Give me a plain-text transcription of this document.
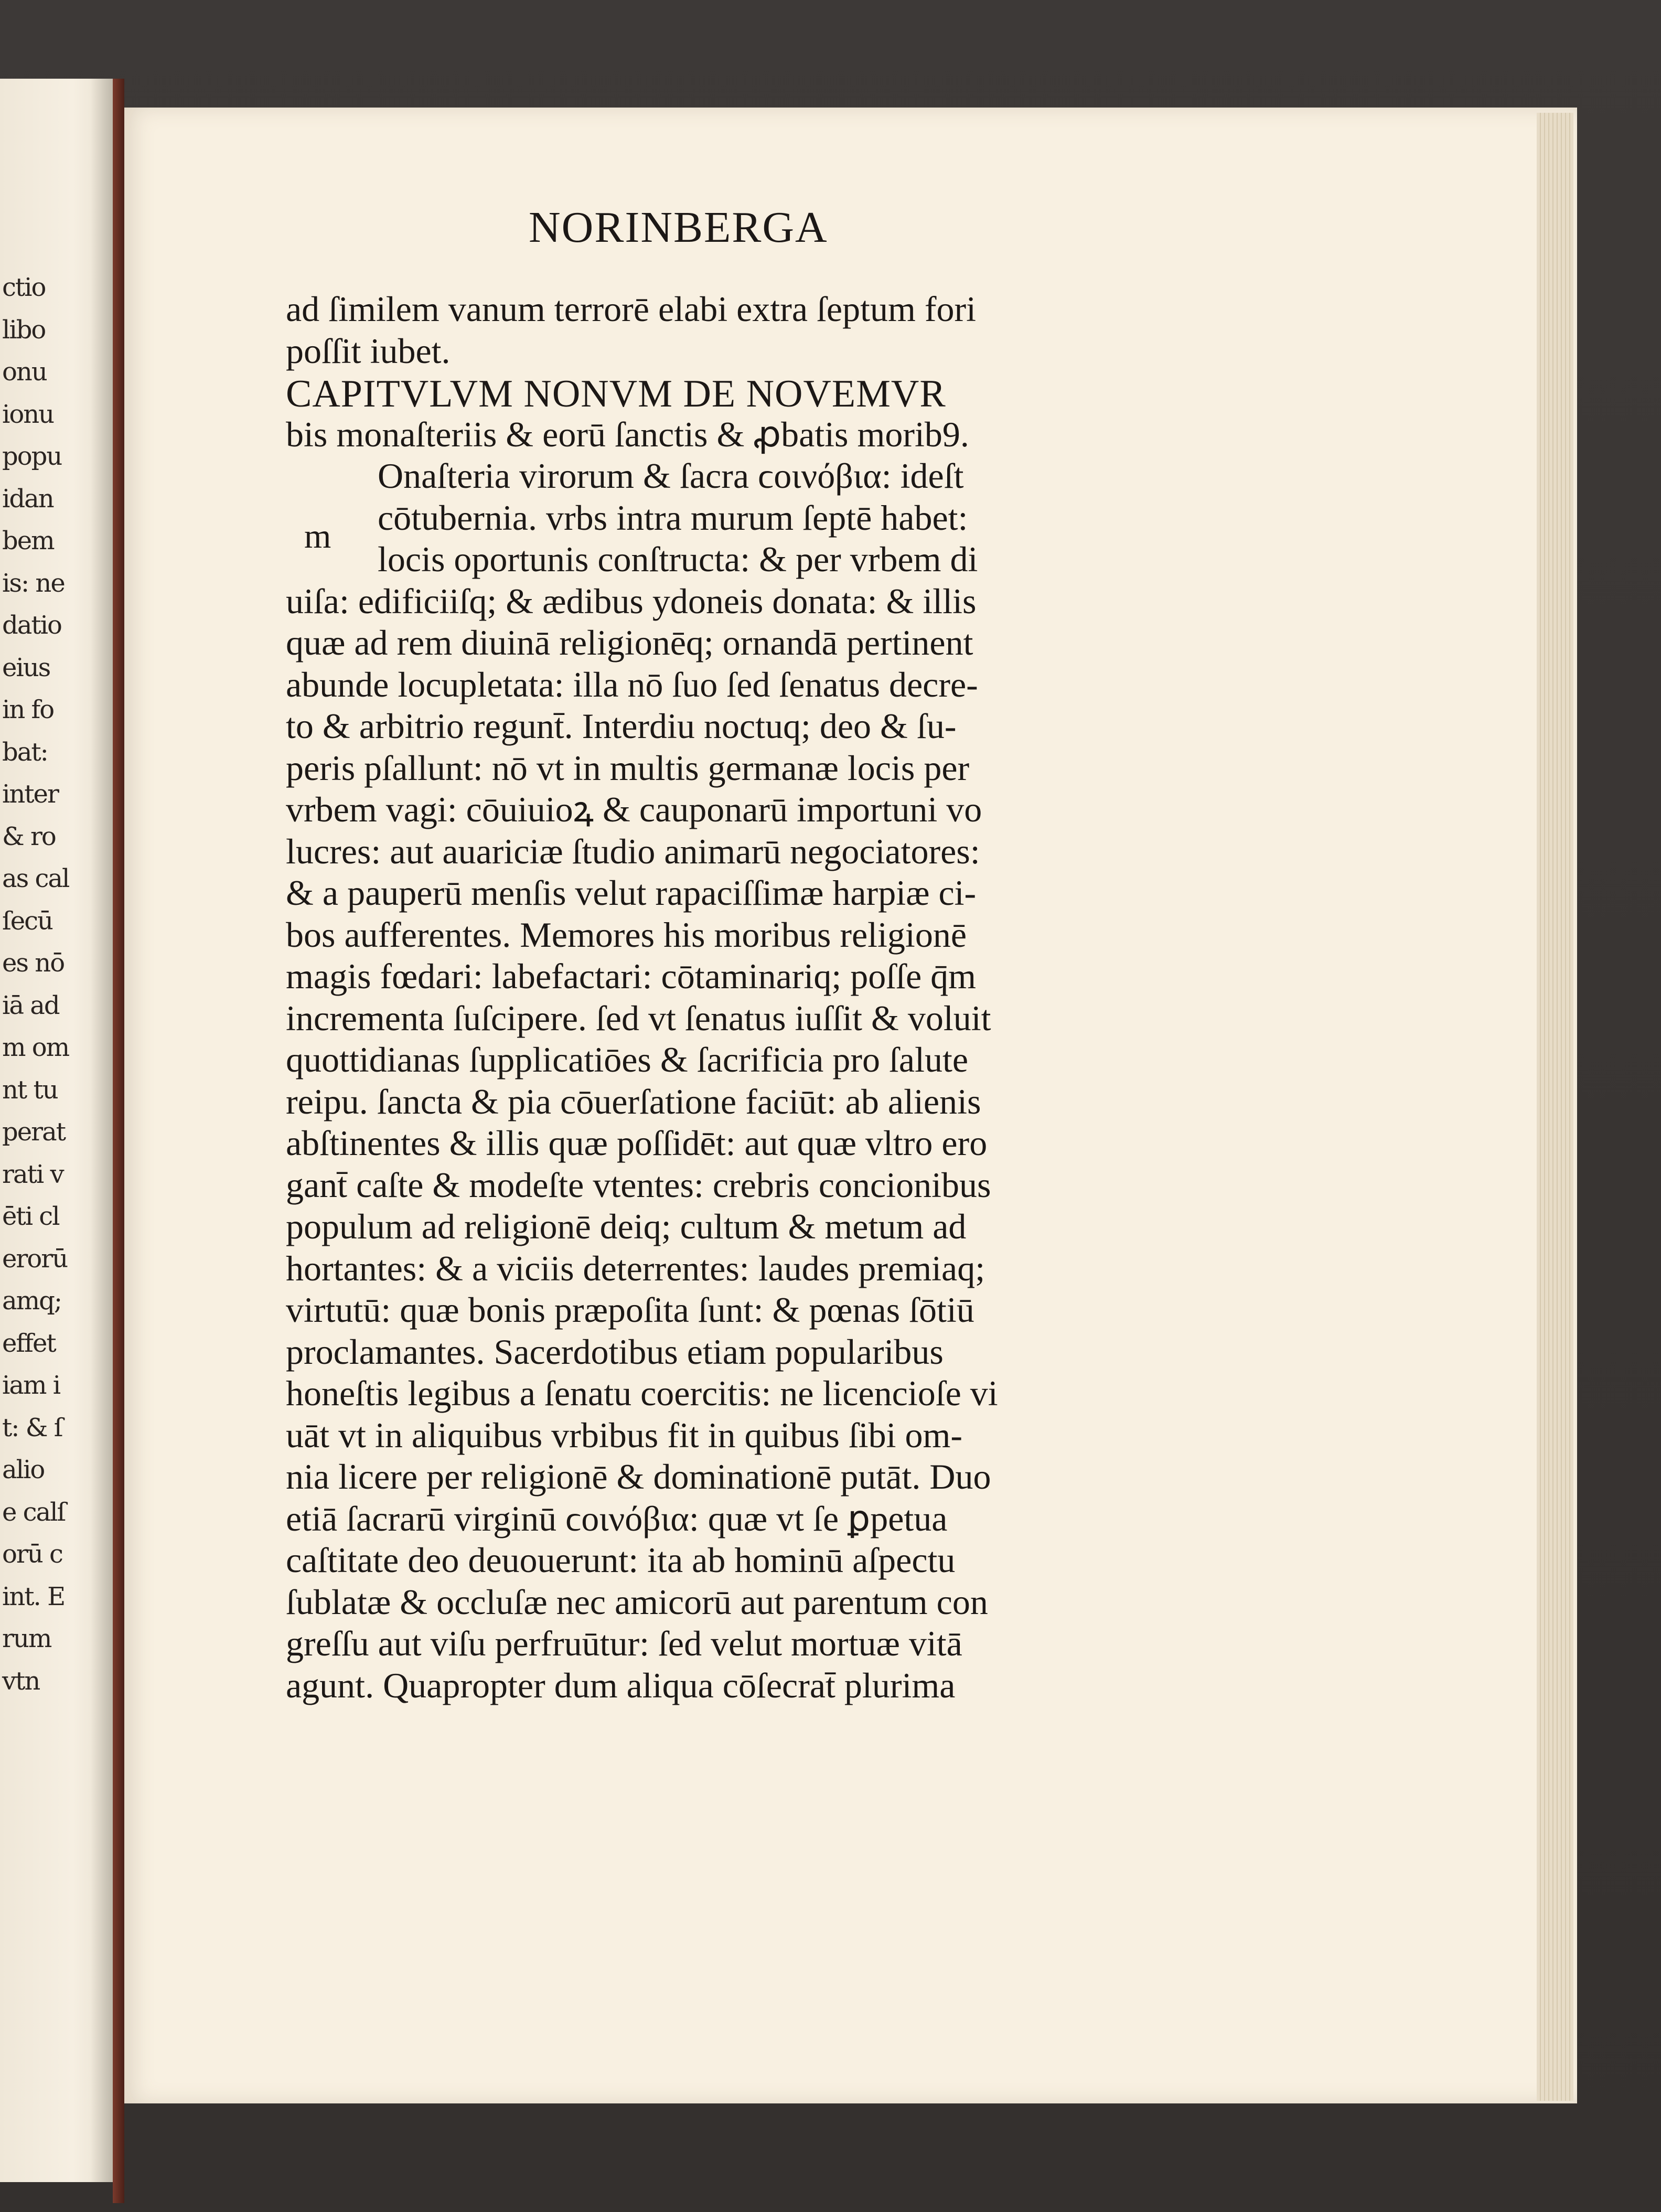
ctio
libo
onu
ionu
popu
idan
bem
is: ne
datio
eius
in fo
bat:
inter
& ro
as cal
ſecū
es nō
iā ad
m om
nt tu
perat
rati v
ēti cl
erorū
amq;
effet
iam i
t: & ſ
alio
e calſ
orū c
int. E
rum
vtn
NORINBERGA
m
ad ſimilem vanum terrorē elabi extra ſeptum fori
poſſit iubet.
CAPITVLVM NONVM DE NOVEMVR
bis monaſteriis & eorū ſanctis & ꝓbatis morib9.
Onaſteria virorum & ſacra ϲοινόβια: ideſt
cōtubernia. vrbs intra murum ſeptē habet:
locis oportunis conſtructa: & per vrbem di
uiſa: edificiiſq; & ædibus ydoneis donata: & illis
quæ ad rem diuinā religionēq; ornandā pertinent
abunde locupletata: illa nō ſuo ſed ſenatus decre-
to & arbitrio regunt̄. Interdiu noctuq; deo & ſu-
peris pſallunt: nō vt in multis germanæ locis per
vrbem vagi: cōuiuioꝝ & cauponarū importuni vo
lucres: aut auariciæ ſtudio animarū negociatores:
& a pauperū menſis velut rapaciſſimæ harpiæ ci-
bos aufferentes. Memores his moribus religionē
magis fœdari: labefactari: cōtaminariq; poſſe q̄m
incrementa ſuſcipere. ſed vt ſenatus iuſſit & voluit
quottidianas ſupplicatiōes & ſacrificia pro ſalute
reipu. ſancta & pia cōuerſatione faciūt: ab alienis
abſtinentes & illis quæ poſſidēt: aut quæ vltro ero
gant̄ caſte & modeſte vtentes: crebris concionibus
populum ad religionē deiq; cultum & metum ad
hortantes: & a viciis deterrentes: laudes premiaq;
virtutū: quæ bonis præpoſita ſunt: & pœnas ſōtiū
proclamantes. Sacerdotibus etiam popularibus
honeſtis legibus a ſenatu coercitis: ne licencioſe vi
uāt vt in aliquibus vrbibus fit in quibus ſibi om-
nia licere per religionē & dominationē putāt. Duo
etiā ſacrarū virginū ϲοινόβια: quæ vt ſe ꝑpetua
caſtitate deo deuouerunt: ita ab hominū aſpectu
ſublatæ & occluſæ nec amicorū aut parentum con
greſſu aut viſu perfruūtur: ſed velut mortuæ vitā
agunt. Quapropter dum aliqua cōſecrat̄ plurima
